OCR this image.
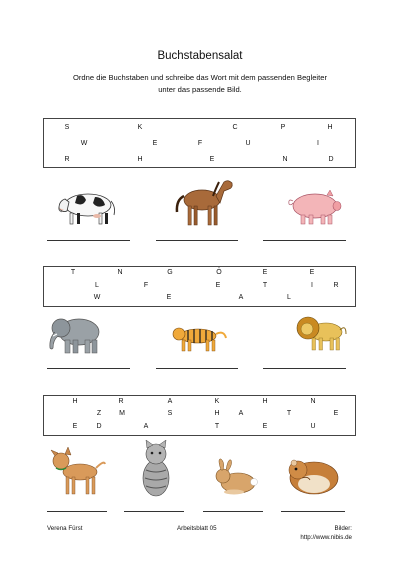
Buchstabensalat
Ordne die Buchstaben und schreibe das Wort mit dem passenden Begleiter
unter das passende Bild.
S	K	C	P	H
W	E	F	U	I
R	H	E	N	D
T	N	G	Ö	E	E
L	F	E	T	I	R
W	E	A	L
H	R	A	K	H	N
Z	M	S	H	A	T	E
E	D	A	T	E	U
Verena Fürst	Arbeitsblatt 05	Bilder:
http://www.nibis.de
